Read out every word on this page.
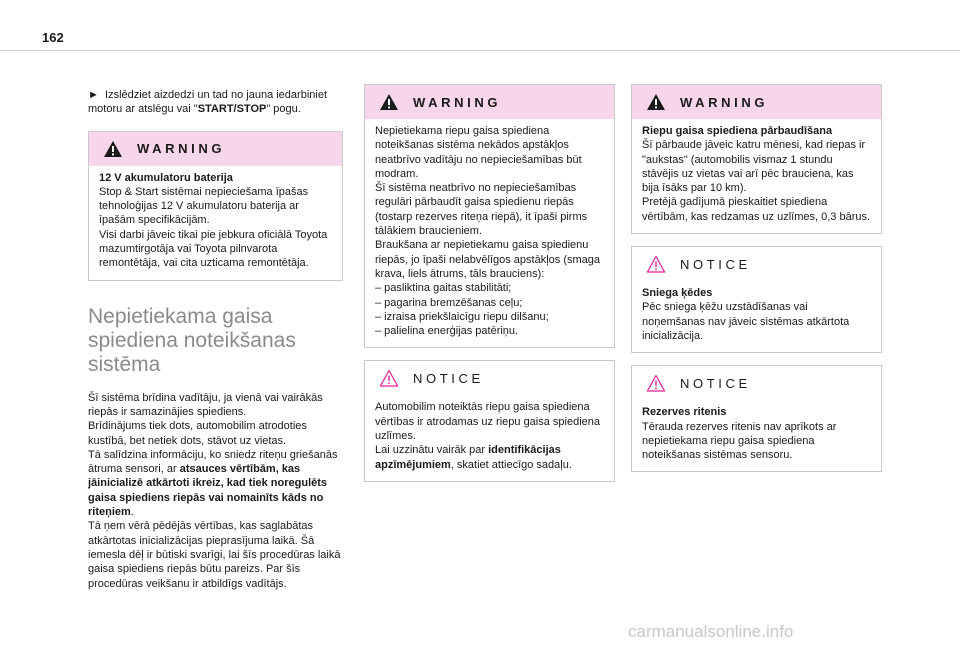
162
► Izslēdziet aizdedzi un tad no jauna iedarbiniet motoru ar atslēgu vai "START/STOP" pogu.
WARNING
12 V akumulatoru baterija
Stop & Start sistēmai nepieciešama īpašas tehnoloģijas 12 V akumulatoru baterija ar īpašām specifikācijām.
Visi darbi jāveic tikai pie jebkura oficiālā Toyota mazumtirgotāja vai Toyota pilnvarota remontētāja, vai cita uzticama remontētāja.
Nepietiekama gaisa spiediena noteikšanas sistēma
Šī sistēma brīdina vadītāju, ja vienā vai vairākās riepās ir samazinājies spiediens.
Brīdinājums tiek dots, automobilim atrodoties kustībā, bet netiek dots, stāvot uz vietas.
Tā salīdzina informāciju, ko sniedz riteņu griešanās ātruma sensori, ar atsauces vērtībām, kas jāinicializē atkārtoti ikreiz, kad tiek noregulēts gaisa spiediens riepās vai nomainīts kāds no riteņiem.
Tā ņem vērā pēdējās vērtības, kas saglabātas atkārtotas inicializācijas pieprasījuma laikā. Šā iemesla dēļ ir būtiski svarīgi, lai šīs procedūras laikā gaisa spiediens riepās būtu pareizs. Par šīs procedūras veikšanu ir atbildīgs vadītājs.
WARNING
Nepietiekama riepu gaisa spiediena noteikšanas sistēma nekādos apstākļos neatbrīvo vadītāju no nepieciešamības būt modram.
Šī sistēma neatbrīvo no nepieciešamības regulāri pārbaudīt gaisa spiedienu riepās (tostarp rezerves riteņa riepā), it īpaši pirms tālākiem braucieniem.
Braukšana ar nepietiekamu gaisa spiedienu riepās, jo īpaši nelabvēlīgos apstākļos (smaga krava, liels ātrums, tāls brauciens):
– pasliktina gaitas stabilitāti;
– pagarina bremzēšanas ceļu;
– izraisa priekšlaicīgu riepu dilšanu;
– palielina enerģijas patēriņu.
NOTICE
Automobilim noteiktās riepu gaisa spiediena vērtības ir atrodamas uz riepu gaisa spiediena uzlīmes.
Lai uzzinātu vairāk par identifikācijas apzīmējumiem, skatiet attiecīgo sadaļu.
WARNING
Riepu gaisa spiediena pārbaudīšana
Šī pārbaude jāveic katru mēnesi, kad riepas ir "aukstas" (automobilis vismaz 1 stundu stāvējis uz vietas vai arī pēc brauciena, kas bija īsāks par 10 km).
Pretējā gadījumā pieskaitiet spiediena vērtībām, kas redzamas uz uzlīmes, 0,3 bārus.
NOTICE
Sniega ķēdes
Pēc sniega ķēžu uzstādīšanas vai noņemšanas nav jāveic sistēmas atkārtota inicializācija.
NOTICE
Rezerves ritenis
Tērauda rezerves ritenis nav aprīkots ar nepietiekama riepu gaisa spiediena noteikšanas sistēmas sensoru.
carmanualsonline.info
